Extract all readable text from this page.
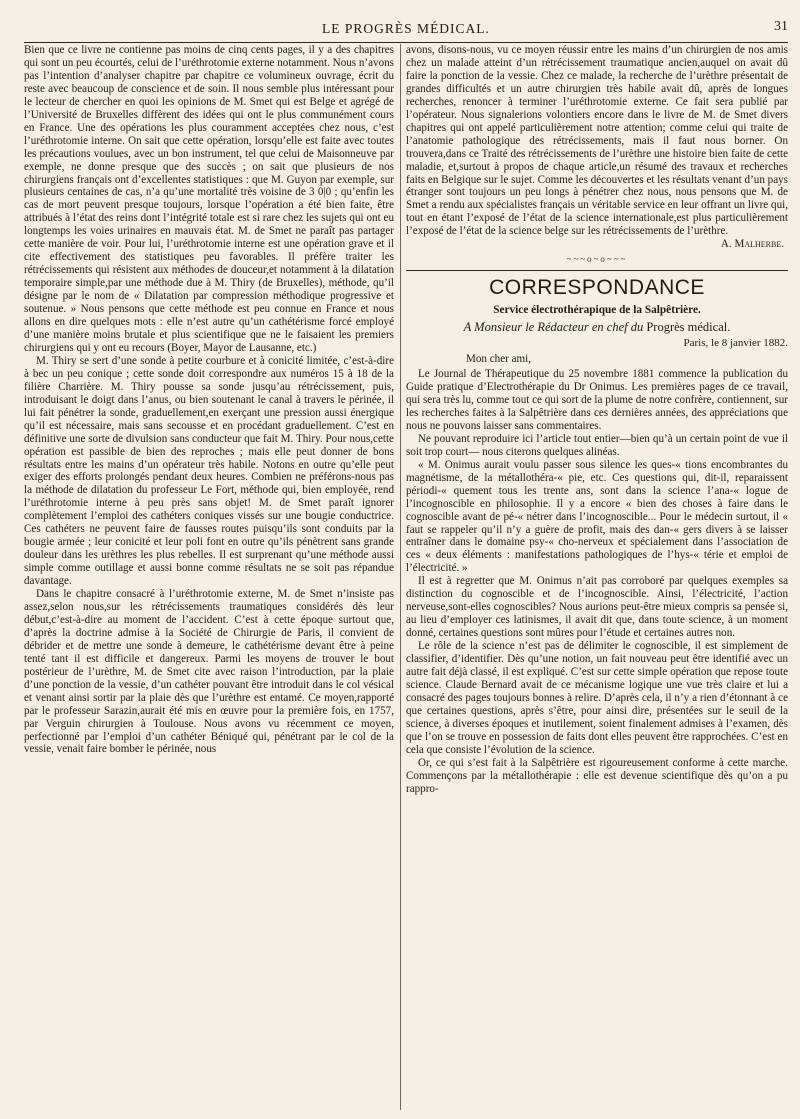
LE PROGRÈS MÉDICAL.	31

Bien que ce livre ne contienne pas moins de cinq cents pages, il y a des chapitres qui sont un peu écourtés, celui de l’uréthrotomie externe notamment. Nous n’avons pas l’intention d’analyser chapitre par chapitre ce volumineux ouvrage, écrit du reste avec beaucoup de conscience et de soin. Il nous semble plus intéressant pour le lecteur de chercher en quoi les opinions de M. Smet qui est Belge et agrégé de l’Université de Bruxelles diffèrent des idées qui ont le plus communément cours en France. Une des opérations les plus couramment acceptées chez nous, c’est l’uréthrotomie interne. On sait que cette opération, lorsqu’elle est faite avec toutes les précautions voulues, avec un bon instrument, tel que celui de Maisonneuve par exemple, ne donne presque que des succès ; on sait que plusieurs de nos chirurgiens français ont d’excellentes statistiques : que M. Guyon par exemple, sur plusieurs centaines de cas, n’a qu’une mortalité très voisine de 3 0|0 ; qu’enfin les cas de mort peuvent presque toujours, lorsque l’opération a été bien faite, être attribués à l’état des reins dont l’intégrité totale est si rare chez les sujets qui ont eu longtemps les voies urinaires en mauvais état. M. de Smet ne paraît pas partager cette manière de voir. Pour lui, l’uréthrotomie interne est une opération grave et il cite effectivement des statistiques peu favorables. Il préfère traiter les rétrécissements qui résistent aux méthodes de douceur,et notamment à la dilatation temporaire simple,par une méthode due à M. Thiry (de Bruxelles), méthode, qu’il désigne par le nom de « Dilatation par compression méthodique progressive et soutenue. » Nous pensons que cette méthode est peu connue en France et nous allons en dire quelques mots : elle n’est autre qu’un cathétérisme forcé employé d’une manière moins brutale et plus scientifique que ne le faisaient les premiers chirurgiens qui y ont eu recours (Boyer, Mayor de Lausanne, etc.)

M. Thiry se sert d’une sonde à petite courbure et à conicité limitée, c’est-à-dire à bec un peu conique ; cette sonde doit correspondre aux numéros 15 à 18 de la filière Charrière. M. Thiry pousse sa sonde jusqu’au rétrécissement, puis, introduisant le doigt dans l’anus, ou bien soutenant le canal à travers le périnée, il lui fait pénétrer la sonde, graduellement,en exerçant une pression aussi énergique qu’il est nécessaire, mais sans secousse et en procédant graduellement. C’est en définitive une sorte de divulsion sans conducteur que fait M. Thiry. Pour nous,cette opération est passible de bien des reproches ; mais elle peut donner de bons résultats entre les mains d’un opérateur très habile. Notons en outre qu’elle peut exiger des efforts prolongés pendant deux heures. Combien ne préférons-nous pas la méthode de dilatation du professeur Le Fort, méthode qui, bien employée, rend l’uréthrotomie interne à peu près sans objet! M. de Smet paraît ignorer complètement l’emploi des cathéters coniques vissés sur une bougie conductrice. Ces cathéters ne peuvent faire de fausses routes puisqu’ils sont conduits par la bougie armée ; leur conicité et leur poli font en outre qu’ils pénètrent sans grande douleur dans les urèthres les plus rebelles. Il est surprenant qu’une méthode aussi simple comme outillage et aussi bonne comme résultats ne se soit pas répandue davantage.

Dans le chapitre consacré à l’uréthrotomie externe, M. de Smet n’insiste pas assez,selon nous,sur les rétrécissements traumatiques considérés dès leur début,c’est-à-dire au moment de l’accident. C’est à cette époque surtout que, d’après la doctrine admise à la Société de Chirurgie de Paris, il convient de débrider et de mettre une sonde à demeure, le cathétérisme devant être à peine tenté tant il est difficile et dangereux. Parmi les moyens de trouver le bout postérieur de l’urèthre, M. de Smet cite avec raison l’introduction, par la plaie d’une ponction de la vessie, d’un cathéter pouvant être introduit dans le col vésical et venant ainsi sortir par la plaie dès que l’urèthre est entamé. Ce moyen,rapporté par le professeur Sarazin,aurait été mis en œuvre pour la première fois, en 1757, par Verguin chirurgien à Toulouse. Nous avons vu récemment ce moyen, perfectionné par l’emploi d’un cathéter Béniqué qui, pénétrant par le col de la vessie, venait faire bomber le périnée, nous

avons, disons-nous, vu ce moyen réussir entre les mains d’un chirurgien de nos amis chez un malade atteint d’un rétrécissement traumatique ancien,auquel on avait dû faire la ponction de la vessie. Chez ce malade, la recherche de l’urèthre présentait de grandes difficultés et un autre chirurgien très habile avait dû, après de longues recherches, renoncer à terminer l’uréthrotomie externe. Ce fait sera publié par l’opérateur. Nous signalerions volontiers encore dans le livre de M. de Smet divers chapitres qui ont appelé particulièrement notre attention; comme celui qui traite de l’anatomie pathologique des rétrécissements, mais il faut nous borner. On trouvera,dans ce Traité des rétrécissements de l’urèthre une histoire bien faite de cette maladie, et,surtout à propos de chaque article,un résumé des travaux et recherches faits en Belgique sur le sujet. Comme les découvertes et les résultats venant d’un pays étranger sont toujours un peu longs à pénétrer chez nous, nous pensons que M. de Smet a rendu aux spécialistes français un véritable service en leur offrant un livre qui, tout en étant l’exposé de l’état de la science internationale,est plus particulièrement l’exposé de l’état de la science belge sur les rétrécissements de l’urèthre.

A. Malherbe.
~~~o~o~~~
CORRESPONDANCE
Service électrothérapique de la Salpêtrière.
A Monsieur le Rédacteur en chef du Progrès médical.
Paris, le 8 janvier 1882.

Mon cher ami,

Le Journal de Thérapeutique du 25 novembre 1881 commence la publication du Guide pratique d’Electrothérapie du Dr Onimus. Les premières pages de ce travail, qui sera très lu, comme tout ce qui sort de la plume de notre confrère, contiennent, sur les recherches faites à la Salpêtrière dans ces dernières années, des appréciations que nous ne pouvons laisser sans commentaires.

Ne pouvant reproduire ici l’article tout entier—bien qu’à un certain point de vue il soit trop court— nous citerons quelques alinéas.

« M. Onimus aurait voulu passer sous silence les ques-« tions encombrantes du magnétisme, de la métallothéra-« pie, etc. Ces questions qui, dit-il, reparaissent périodi-« quement tous les trente ans, sont dans la science l’ana-« logue de l’incognoscible en philosophie. Il y a encore « bien des choses à faire dans le cognoscible avant de pé-« nétrer dans l’incognoscible... Pour le médecin surtout, il « faut se rappeler qu’il n’y a guère de profit, mais des dan-« gers divers à se laisser entraîner dans le domaine psy-« cho-nerveux et spécialement dans l’association de ces « deux éléments : manifestations pathologiques de l’hys-« térie et emploi de l’électricité. »

Il est à regretter que M. Onimus n’ait pas corroboré par quelques exemples sa distinction du cognoscible et de l’incognoscible. Ainsi, l’électricité, l’action nerveuse,sont-elles cognoscibles? Nous aurions peut-être mieux compris sa pensée si, au lieu d’employer ces latinismes, il avait dit que, dans toute science, à un moment donné, certaines questions sont mûres pour l’étude et certaines autres non.

Le rôle de la science n’est pas de délimiter le cognoscible, il est simplement de classifier, d’identifier. Dès qu’une notion, un fait nouveau peut être identifié avec un autre fait déjà classé, il est expliqué. C’est sur cette simple opération que repose toute science. Claude Bernard avait de ce mécanisme logique une vue très claire et lui a consacré des pages toujours bonnes à relire. D’après cela, il n’y a rien d’étonnant à ce que certaines questions, après s’être, pour ainsi dire, présentées sur le seuil de la science, à diverses époques et inutilement, soient finalement admises à l’examen, dès que l’on se trouve en possession de faits dont elles peuvent être rapprochées. C’est en cela que consiste l’évolution de la science.

Or, ce qui s’est fait à la Salpêtrière est rigoureusement conforme à cette marche. Commençons par la métallothérapie : elle est devenue scientifique dès qu’on a pu rappro-
